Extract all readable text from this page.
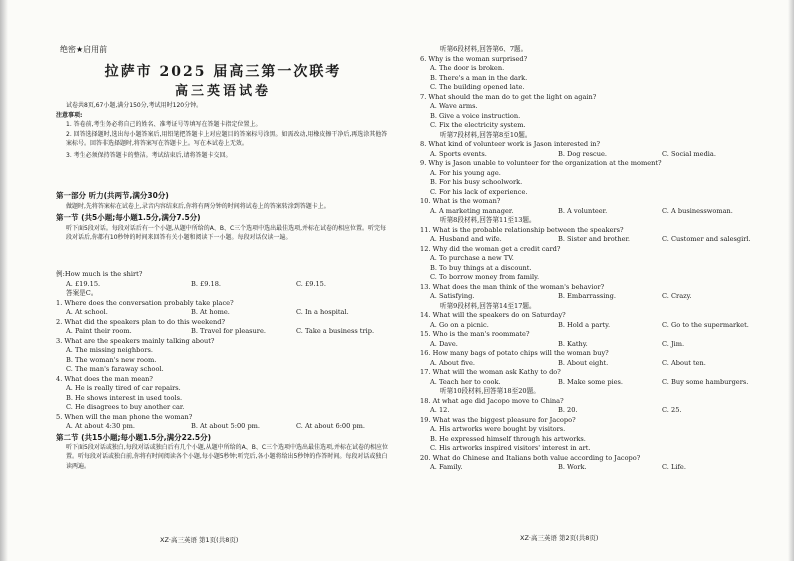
绝密★启用前
拉萨市 2025 届高三第一次联考
高三英语试卷
试卷共8页,67小题,满分150分,考试用时120分钟。
注意事项:
1. 答卷前,考生务必将自己的姓名、准考证号等填写在答题卡指定位置上。
2. 回答选择题时,选出每小题答案后,用铅笔把答题卡上对应题目的答案标号涂黑。如需改动,用橡皮擦干净后,再选涂其他答案标号。回答非选择题时,将答案写在答题卡上。写在本试卷上无效。
3. 考生必须保持答题卡的整洁。考试结束后,请将答题卡交回。
第一部分 听力(共两节,满分30分)
做题时,先将答案标在试卷上,录音内容结束后,你将有两分钟的时间将试卷上的答案转涂到答题卡上。
第一节 (共5小题;每小题1.5分,满分7.5分)
听下面5段对话。每段对话后有一个小题,从题中所给的A、B、C三个选项中选出最佳选项,并标在试卷的相应位置。听完每段对话后,你都有10秒钟的时间来回答有关小题和阅读下一小题。每段对话仅读一遍。
例:How much is the shirt?
A. £19.15.	B. £9.18.	C. £9.15.
答案是C。
1. Where does the conversation probably take place?
A. At school.	B. At home.	C. In a hospital.
2. What did the speakers plan to do this weekend?
A. Paint their room.	B. Travel for pleasure.	C. Take a business trip.
3. What are the speakers mainly talking about?
A. The missing neighbors.
B. The woman's new room.
C. The man's faraway school.
4. What does the man mean?
A. He is really tired of car repairs.
B. He shows interest in used tools.
C. He disagrees to buy another car.
5. When will the man phone the woman?
A. At about 4:30 pm.	B. At about 5:00 pm.	C. At about 6:00 pm.
第二节 (共15小题;每小题1.5分,满分22.5分)
听下面5段对话或独白,每段对话或独白后有几个小题,从题中所给的A、B、C三个选项中选出最佳选项,并标在试卷的相应位置。听每段对话或独白前,你将有时间阅读各个小题,每小题5秒钟;听完后,各小题将给出5秒钟的作答时间。每段对话或独白读两遍。
XZ·高三英语 第1页(共8页)
听第6段材料,回答第6、7题。
6. Why is the woman surprised?
A. The door is broken.
B. There's a man in the dark.
C. The building opened late.
7. What should the man do to get the light on again?
A. Wave arms.
B. Give a voice instruction.
C. Fix the electricity system.
听第7段材料,回答第8至10题。
8. What kind of volunteer work is Jason interested in?
A. Sports events.	B. Dog rescue.	C. Social media.
9. Why is Jason unable to volunteer for the organization at the moment?
A. For his young age.
B. For his busy schoolwork.
C. For his lack of experience.
10. What is the woman?
A. A marketing manager.	B. A volunteer.	C. A businesswoman.
听第8段材料,回答第11至13题。
11. What is the probable relationship between the speakers?
A. Husband and wife.	B. Sister and brother.	C. Customer and salesgirl.
12. Why did the woman get a credit card?
A. To purchase a new TV.
B. To buy things at a discount.
C. To borrow money from family.
13. What does the man think of the woman's behavior?
A. Satisfying.	B. Embarrassing.	C. Crazy.
听第9段材料,回答第14至17题。
14. What will the speakers do on Saturday?
A. Go on a picnic.	B. Hold a party.	C. Go to the supermarket.
15. Who is the man's roommate?
A. Dave.	B. Kathy.	C. Jim.
16. How many bags of potato chips will the woman buy?
A. About five.	B. About eight.	C. About ten.
17. What will the woman ask Kathy to do?
A. Teach her to cook.	B. Make some pies.	C. Buy some hamburgers.
听第10段材料,回答第18至20题。
18. At what age did Jacopo move to China?
A. 12.	B. 20.	C. 25.
19. What was the biggest pleasure for Jacopo?
A. His artworks were bought by visitors.
B. He expressed himself through his artworks.
C. His artworks inspired visitors' interest in art.
20. What do Chinese and Italians both value according to Jacopo?
A. Family.	B. Work.	C. Life.
XZ·高三英语 第2页(共8页)
